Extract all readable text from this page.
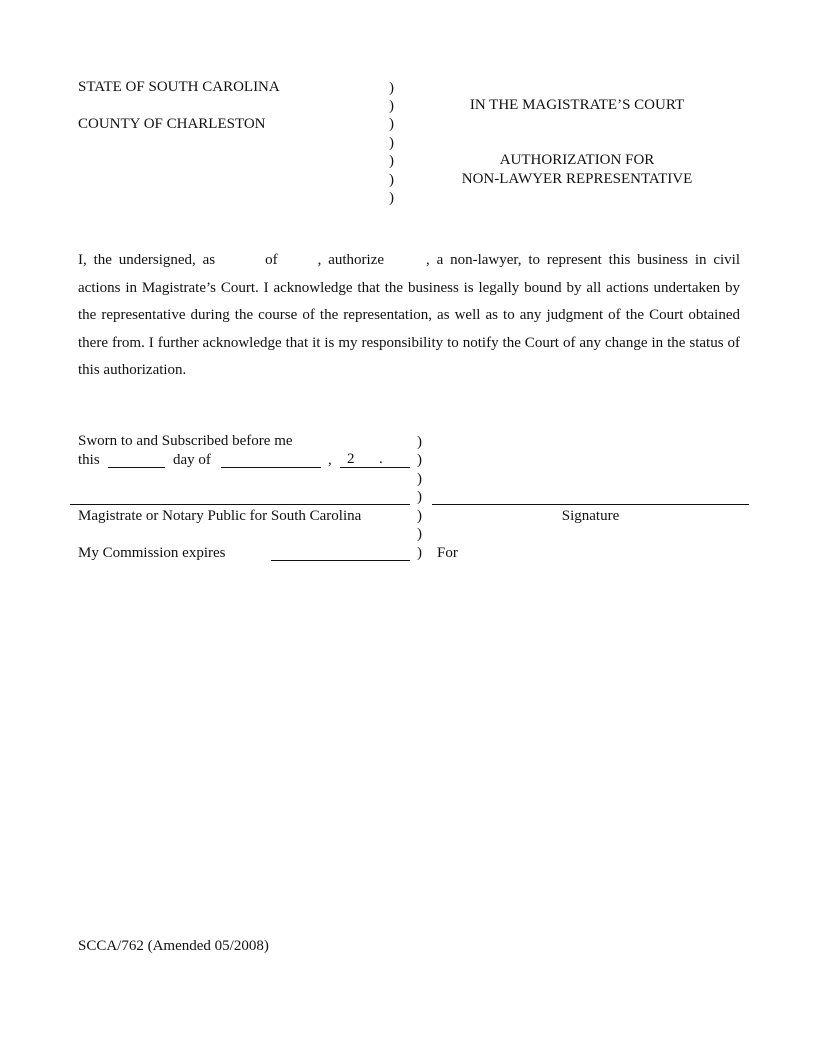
STATE OF SOUTH CAROLINA
COUNTY OF CHARLESTON
)
)
)
)
)
)
)
IN THE MAGISTRATE’S COURT
AUTHORIZATION FOR
NON-LAWYER REPRESENTATIVE
I, the undersigned, as	of	, authorize	, a non-lawyer, to represent this business in civil actions in Magistrate’s Court. I acknowledge that the business is legally bound by all actions undertaken by the representative during the course of the representation, as well as to any judgment of the Court obtained there from. I further acknowledge that it is my responsibility to notify the Court of any change in the status of this authorization.
Sworn to and Subscribed before me
this	day of	, 2 .
)
)
)
)
)
)
)
Magistrate or Notary Public for South Carolina	Signature
My Commission expires	For
SCCA/762 (Amended 05/2008)
